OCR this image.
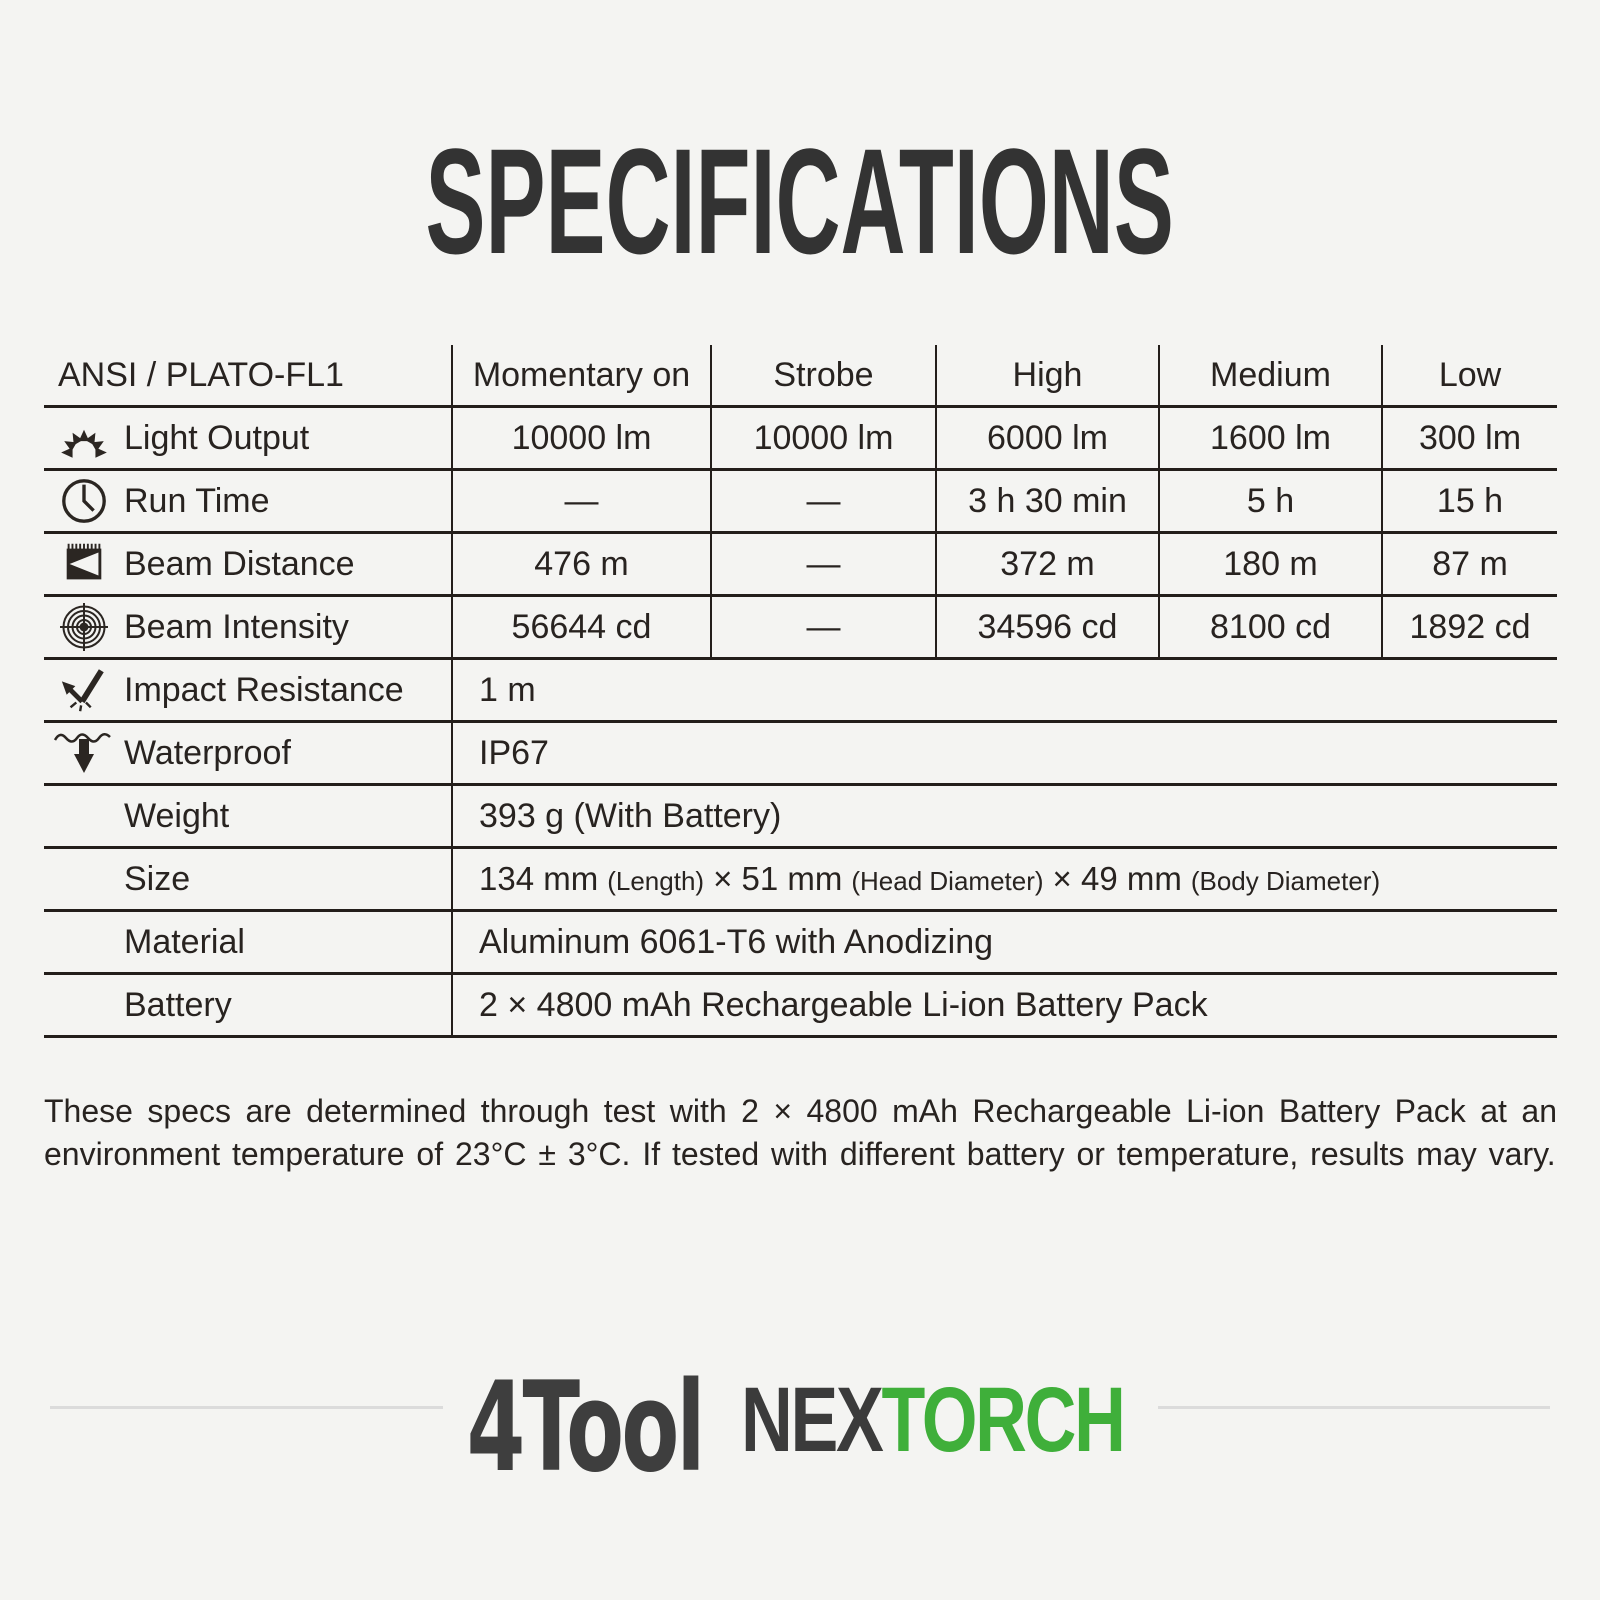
SPECIFICATIONS
ANSI / PLATO-FL1	Momentary on	Strobe	High	Medium	Low

Light Output	10000 lm	10000 lm	6000 lm	1600 lm	300 lm

Run Time	—	—	3 h 30 min	5 h	15 h

Beam Distance	476 m	—	372 m	180 m	87 m

Beam Intensity	56644 cd	—	34596 cd	8100 cd	1892 cd

Impact Resistance	1 m				

Waterproof	IP67				

Weight	393 g (With Battery)				

Size	134 mm (Length) × 51 mm (Head Diameter) × 49 mm (Body Diameter)				

Material	Aluminum 6061-T6 with Anodizing				

Battery	2 × 4800 mAh Rechargeable Li-ion Battery Pack				

These specs are determined through test with 2 × 4800 mAh Rechargeable Li-ion Battery Pack at an environment temperature of 23°C ± 3°C. If tested with different battery or temperature, results may vary.

4Tool NEXTORCH
